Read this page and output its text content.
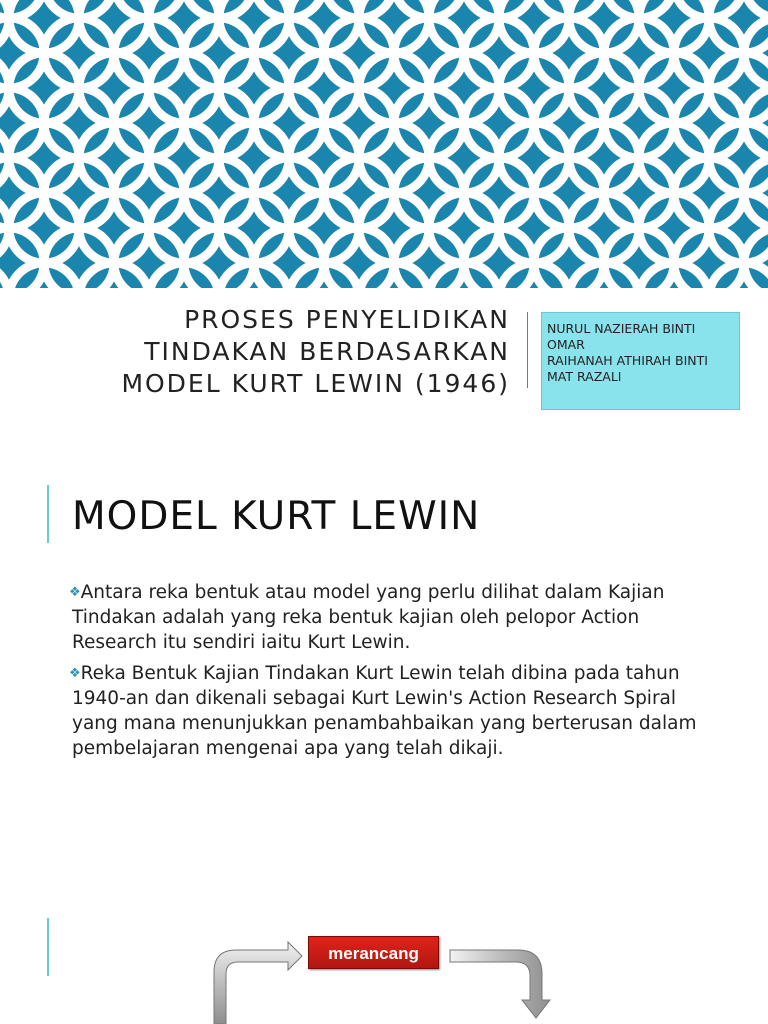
PROSES PENYELIDIKAN
TINDAKAN BERDASARKAN
MODEL KURT LEWIN (1946)
NURUL NAZIERAH BINTI
OMAR
RAIHANAH ATHIRAH BINTI
MAT RAZALI
MODEL KURT LEWIN
❖Antara reka bentuk atau model yang perlu dilihat dalam Kajian Tindakan adalah yang reka bentuk kajian oleh pelopor Action Research itu sendiri iaitu Kurt Lewin.
❖Reka Bentuk Kajian Tindakan Kurt Lewin telah dibina pada tahun 1940-an dan dikenali sebagai Kurt Lewin's Action Research Spiral yang mana menunjukkan penambahbaikan yang berterusan dalam pembelajaran mengenai apa yang telah dikaji.
merancang
